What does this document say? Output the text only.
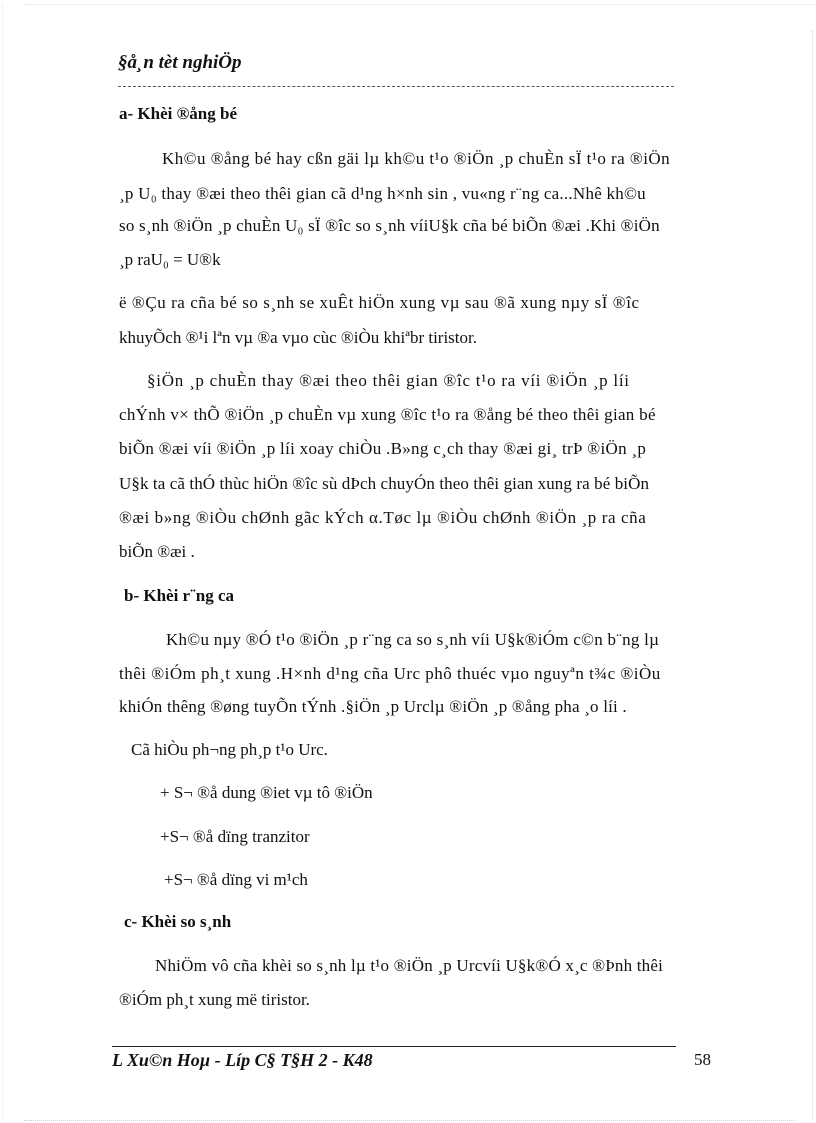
§å¸n tèt nghiÖp
a- Khèi ®ång bé
Kh©u ®ång bé hay cßn gäi lµ kh©u t¹o ®iÖn ¸p chuÈn sÏ t¹o ra ®iÖn
¸p U₀ thay ®æi theo thêi gian cã d¹ng h×nh sin , vu«ng r¨ng ca...Nhê kh©u
so s¸nh ®iÖn ¸p chuÈn U₀ sÏ ®îc so s¸nh víiU§k cña bé biÕn ®æi .Khi ®iÖn
¸p raU₀ = U®k
ë ®Çu ra cña bé so s¸nh se xuÊt hiÖn xung vµ sau ®ã xung nµy sÏ ®îc
khuyÕch ®¹i lªn vµ ®a vµo cùc ®iÒu khiªbr tiristor.
§iÖn ¸p chuÈn thay ®æi theo thêi gian ®îc t¹o ra víi ®iÖn ¸p líi
chÝnh v× thÕ ®iÖn ¸p chuÈn vµ xung ®îc t¹o ra ®ång bé theo thêi gian bé
biÕn ®æi víi ®iÖn ¸p líi xoay chiÒu .B»ng c¸ch thay ®æi gi¸ trÞ ®iÖn ¸p
U§k ta cã thÓ thùc hiÖn ®îc sù dÞch chuyÓn theo thêi gian xung ra bé biÕn
®æi b»ng ®iÒu chØnh gãc kÝch α.Tøc lµ ®iÒu chØnh ®iÖn ¸p ra cña
biÕn ®æi .
b- Khèi r¨ng ca
Kh©u nµy ®Ó t¹o ®iÖn ¸p r¨ng ca so s¸nh víi U§k®iÓm c©n b¨ng lµ
thêi ®iÓm ph¸t xung .H×nh d¹ng cña Urc phô thuéc vµo nguyªn t¾c ®iÒu
khiÓn thêng ®øng tuyÕn tÝnh .§iÖn ¸p Urclµ ®iÖn ¸p ®ång pha ¸o líi .
Cã hiÒu ph¬ng ph¸p t¹o Urc.
+ S¬ ®å dung ®iet vµ tô ®iÖn
+S¬ ®å dïng tranzitor
+S¬ ®å dïng vi m¹ch
c- Khèi so s¸nh
NhiÖm vô cña khèi so s¸nh lµ t¹o ®iÖn ¸p Urcvíi U§k®Ó x¸c ®Þnh thêi
®iÓm ph¸t xung më tiristor.
L Xu©n Hoµ - Líp C§ T§H 2 - K48	58
